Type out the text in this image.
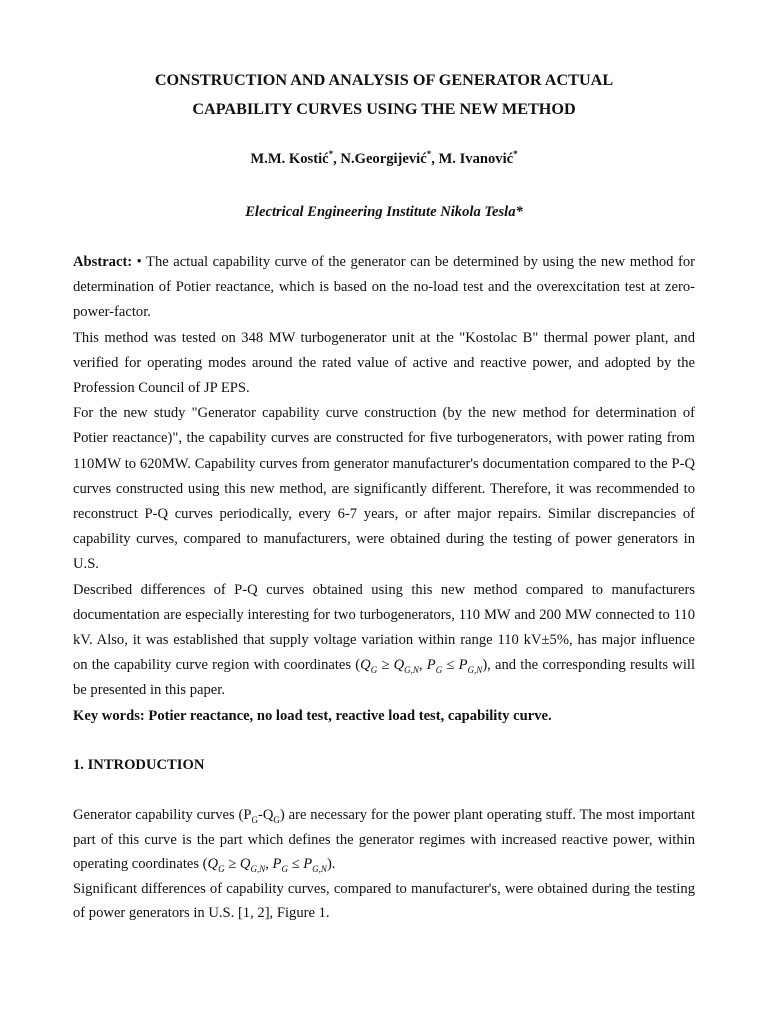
CONSTRUCTION AND ANALYSIS OF GENERATOR ACTUAL
CAPABILITY CURVES USING THE NEW METHOD
M.M. Kostić*, N.Georgijević*, M. Ivanović*
Electrical Engineering Institute Nikola Tesla*

Abstract: • The actual capability curve of the generator can be determined by using the new method for determination of Potier reactance, which is based on the no-load test and the overexcitation test at zero-power-factor.

This method was tested on 348 MW turbogenerator unit at the "Kostolac B" thermal power plant, and verified for operating modes around the rated value of active and reactive power, and adopted by the Profession Council of JP EPS.

For the new study "Generator capability curve construction (by the new method for determination of Potier reactance)", the capability curves are constructed for five turbogenerators, with power rating from 110MW to 620MW. Capability curves from generator manufacturer's documentation compared to the P-Q curves constructed using this new method, are significantly different. Therefore, it was recommended to reconstruct P-Q curves periodically, every 6-7 years, or after major repairs. Similar discrepancies of capability curves, compared to manufacturers, were obtained during the testing of power generators in U.S.

Described differences of P-Q curves obtained using this new method compared to manufacturers documentation are especially interesting for two turbogenerators, 110 MW and 200 MW connected to 110 kV. Also, it was established that supply voltage variation within range 110 kV±5%, has major influence on the capability curve region with coordinates ($Q_G \ge Q_{G,N}$, $P_G \le P_{G,N}$), and the corresponding results will be presented in this paper.

Key words: Potier reactance, no load test, reactive load test, capability curve.

1. INTRODUCTION

Generator capability curves $(P_G-Q_G)$ are necessary for the power plant operating stuff. The most important part of this curve is the part which defines the generator regimes with increased reactive power, within operating coordinates ($Q_G \ge Q_{G,N}$, $P_G \le P_{G,N}$).

Significant differences of capability curves, compared to manufacturer's, were obtained during the testing of power generators in U.S. [1, 2], Figure 1.
